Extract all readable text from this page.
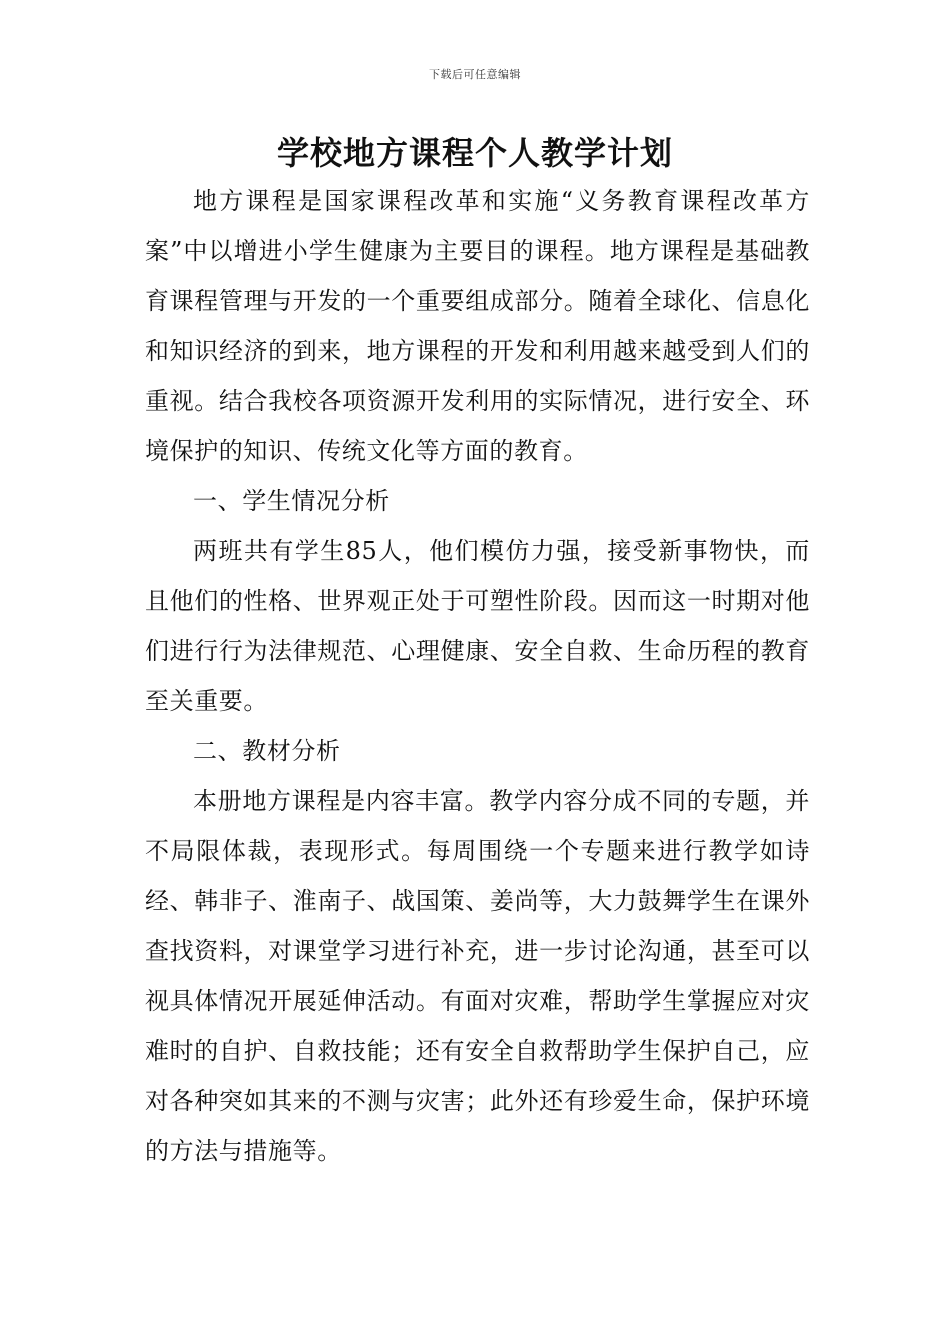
下载后可任意编辑
学校地方课程个人教学计划

地方课程是国家课程改革和实施“义务教育课程改革方案”中以增进小学生健康为主要目的课程。地方课程是基础教育课程管理与开发的一个重要组成部分。随着全球化、信息化和知识经济的到来，地方课程的开发和利用越来越受到人们的重视。结合我校各项资源开发利用的实际情况，进行安全、环境保护的知识、传统文化等方面的教育。

一、学生情况分析

两班共有学生85人，他们模仿力强，接受新事物快，而且他们的性格、世界观正处于可塑性阶段。因而这一时期对他们进行行为法律规范、心理健康、安全自救、生命历程的教育至关重要。

二、教材分析

本册地方课程是内容丰富。教学内容分成不同的专题，并不局限体裁，表现形式。每周围绕一个专题来进行教学如诗经、韩非子、淮南子、战国策、姜尚等，大力鼓舞学生在课外查找资料，对课堂学习进行补充，进一步讨论沟通，甚至可以视具体情况开展延伸活动。有面对灾难，帮助学生掌握应对灾难时的自护、自救技能；还有安全自救帮助学生保护自己，应对各种突如其来的不测与灾害；此外还有珍爱生命，保护环境的方法与措施等。
